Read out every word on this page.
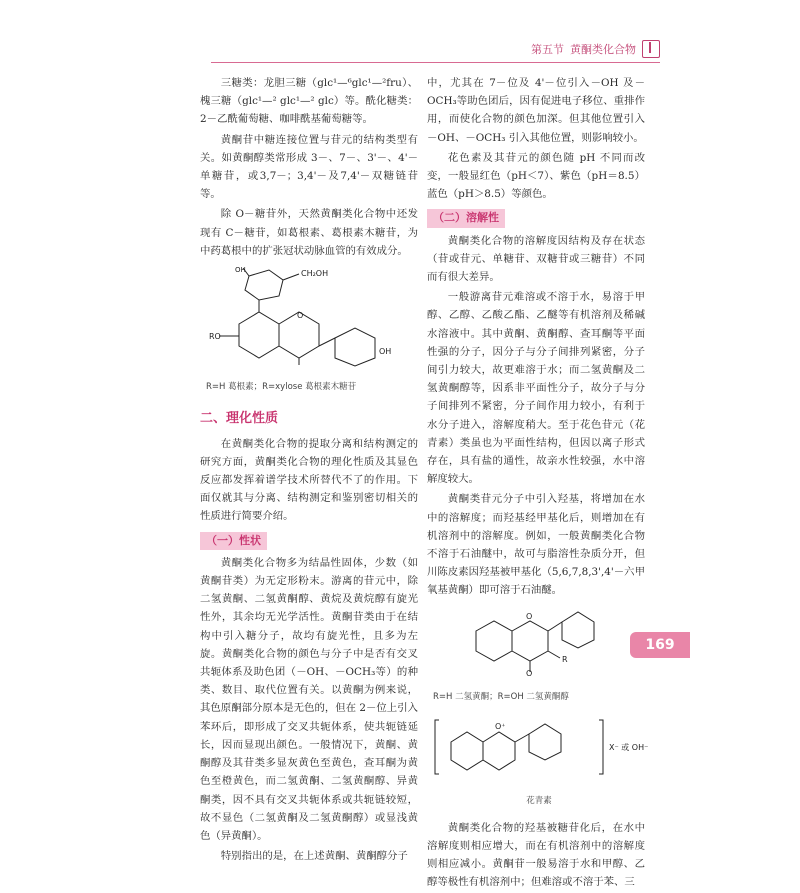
第五节 黄酮类化合物

三糖类：龙胆三糖（glc¹—⁶glc¹—²fru）、槐三糖（glc¹—² glc¹—² glc）等。酰化糖类：2－乙酰葡萄糖、咖啡酰基葡萄糖等。

黄酮苷中糖连接位置与苷元的结构类型有关。如黄酮醇类常形成 3－、7－、3'－、4'－单糖苷，或3,7－；3,4'－及7,4'－双糖链苷等。

除 O－糖苷外，天然黄酮类化合物中还发现有 C－糖苷，如葛根素、葛根素木糖苷，为中药葛根中的扩张冠状动脉血管的有效成分。

CH₂OH
OH
O
RO
OH
R=H 葛根素；R=xylose 葛根素木糖苷
二、理化性质

在黄酮类化合物的提取分离和结构测定的研究方面，黄酮类化合物的理化性质及其显色反应都发挥着谱学技术所替代不了的作用。下面仅就其与分离、结构测定和鉴别密切相关的性质进行简要介绍。

（一）性状

黄酮类化合物多为结晶性固体，少数（如黄酮苷类）为无定形粉末。游离的苷元中，除二氢黄酮、二氢黄酮醇、黄烷及黄烷醇有旋光性外，其余均无光学活性。黄酮苷类由于在结构中引入糖分子，故均有旋光性，且多为左旋。黄酮类化合物的颜色与分子中是否有交叉共轭体系及助色团（－OH、－OCH₃等）的种类、数目、取代位置有关。以黄酮为例来说，其色原酮部分原本是无色的，但在 2－位上引入苯环后，即形成了交叉共轭体系，使共轭链延长，因而显现出颜色。一般情况下，黄酮、黄酮醇及其苷类多显灰黄色至黄色，查耳酮为黄色至橙黄色，而二氢黄酮、二氢黄酮醇、异黄酮类，因不具有交叉共轭体系或共轭链较短，故不显色（二氢黄酮及二氢黄酮醇）或显浅黄色（异黄酮）。

特别指出的是，在上述黄酮、黄酮醇分子

中，尤其在 7－位及 4'－位引入－OH 及－OCH₃等助色团后，因有促进电子移位、重排作用，而使化合物的颜色加深。但其他位置引入－OH、－OCH₃ 引入其他位置，则影响较小。

花色素及其苷元的颜色随 pH 不同而改变，一般显红色（pH＜7）、紫色（pH＝8.5）蓝色（pH＞8.5）等颜色。

（二）溶解性

黄酮类化合物的溶解度因结构及存在状态（苷或苷元、单糖苷、双糖苷或三糖苷）不同而有很大差异。

一般游离苷元难溶或不溶于水，易溶于甲醇、乙醇、乙酸乙酯、乙醚等有机溶剂及稀碱水溶液中。其中黄酮、黄酮醇、查耳酮等平面性强的分子，因分子与分子间排列紧密，分子间引力较大，故更难溶于水；而二氢黄酮及二氢黄酮醇等，因系非平面性分子，故分子与分子间排列不紧密，分子间作用力较小，有利于水分子进入，溶解度稍大。至于花色苷元（花青素）类虽也为平面性结构，但因以离子形式存在，具有盐的通性，故亲水性较强，水中溶解度较大。

黄酮类苷元分子中引入羟基，将增加在水中的溶解度；而羟基经甲基化后，则增加在有机溶剂中的溶解度。例如，一般黄酮类化合物不溶于石油醚中，故可与脂溶性杂质分开，但川陈皮素因羟基被甲基化（5,6,7,8,3',4'－六甲氧基黄酮）即可溶于石油醚。

O
O
R
R=H 二氢黄酮；R=OH 二氢黄酮醇
O⁺
X⁻ 或 OH⁻
花青素

黄酮类化合物的羟基被糖苷化后，在水中溶解度则相应增大，而在有机溶剂中的溶解度则相应减小。黄酮苷一般易溶于水和甲醇、乙醇等极性有机溶剂中；但难溶或不溶于苯、三

169
